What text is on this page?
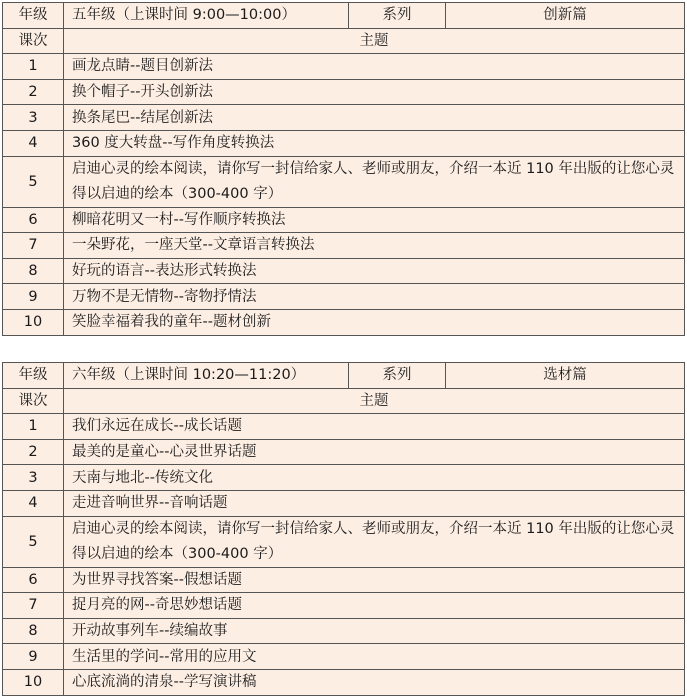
年级	五年级（上课时间 9:00—10:00）	系列	创新篇
课次	主题		
1	画龙点睛--题目创新法		
2	换个帽子--开头创新法		
3	换条尾巴--结尾创新法		
4	360 度大转盘--写作角度转换法		
5	启迪心灵的绘本阅读，请你写一封信给家人、老师或朋友，介绍一本近 110 年出版的让您心灵得以启迪的绘本（300-400 字）		
6	柳暗花明又一村--写作顺序转换法		
7	一朵野花，一座天堂--文章语言转换法		
8	好玩的语言--表达形式转换法		
9	万物不是无情物--寄物抒情法		
10	笑脸幸福着我的童年--题材创新		
年级	六年级（上课时间 10:20—11:20）	系列	选材篇
课次	主题		
1	我们永远在成长--成长话题		
2	最美的是童心--心灵世界话题		
3	天南与地北--传统文化		
4	走进音响世界--音响话题		
5	启迪心灵的绘本阅读，请你写一封信给家人、老师或朋友，介绍一本近 110 年出版的让您心灵得以启迪的绘本（300-400 字）		
6	为世界寻找答案--假想话题		
7	捉月亮的网--奇思妙想话题		
8	开动故事列车--续编故事		
9	生活里的学问--常用的应用文		
10	心底流淌的清泉--学写演讲稿		
